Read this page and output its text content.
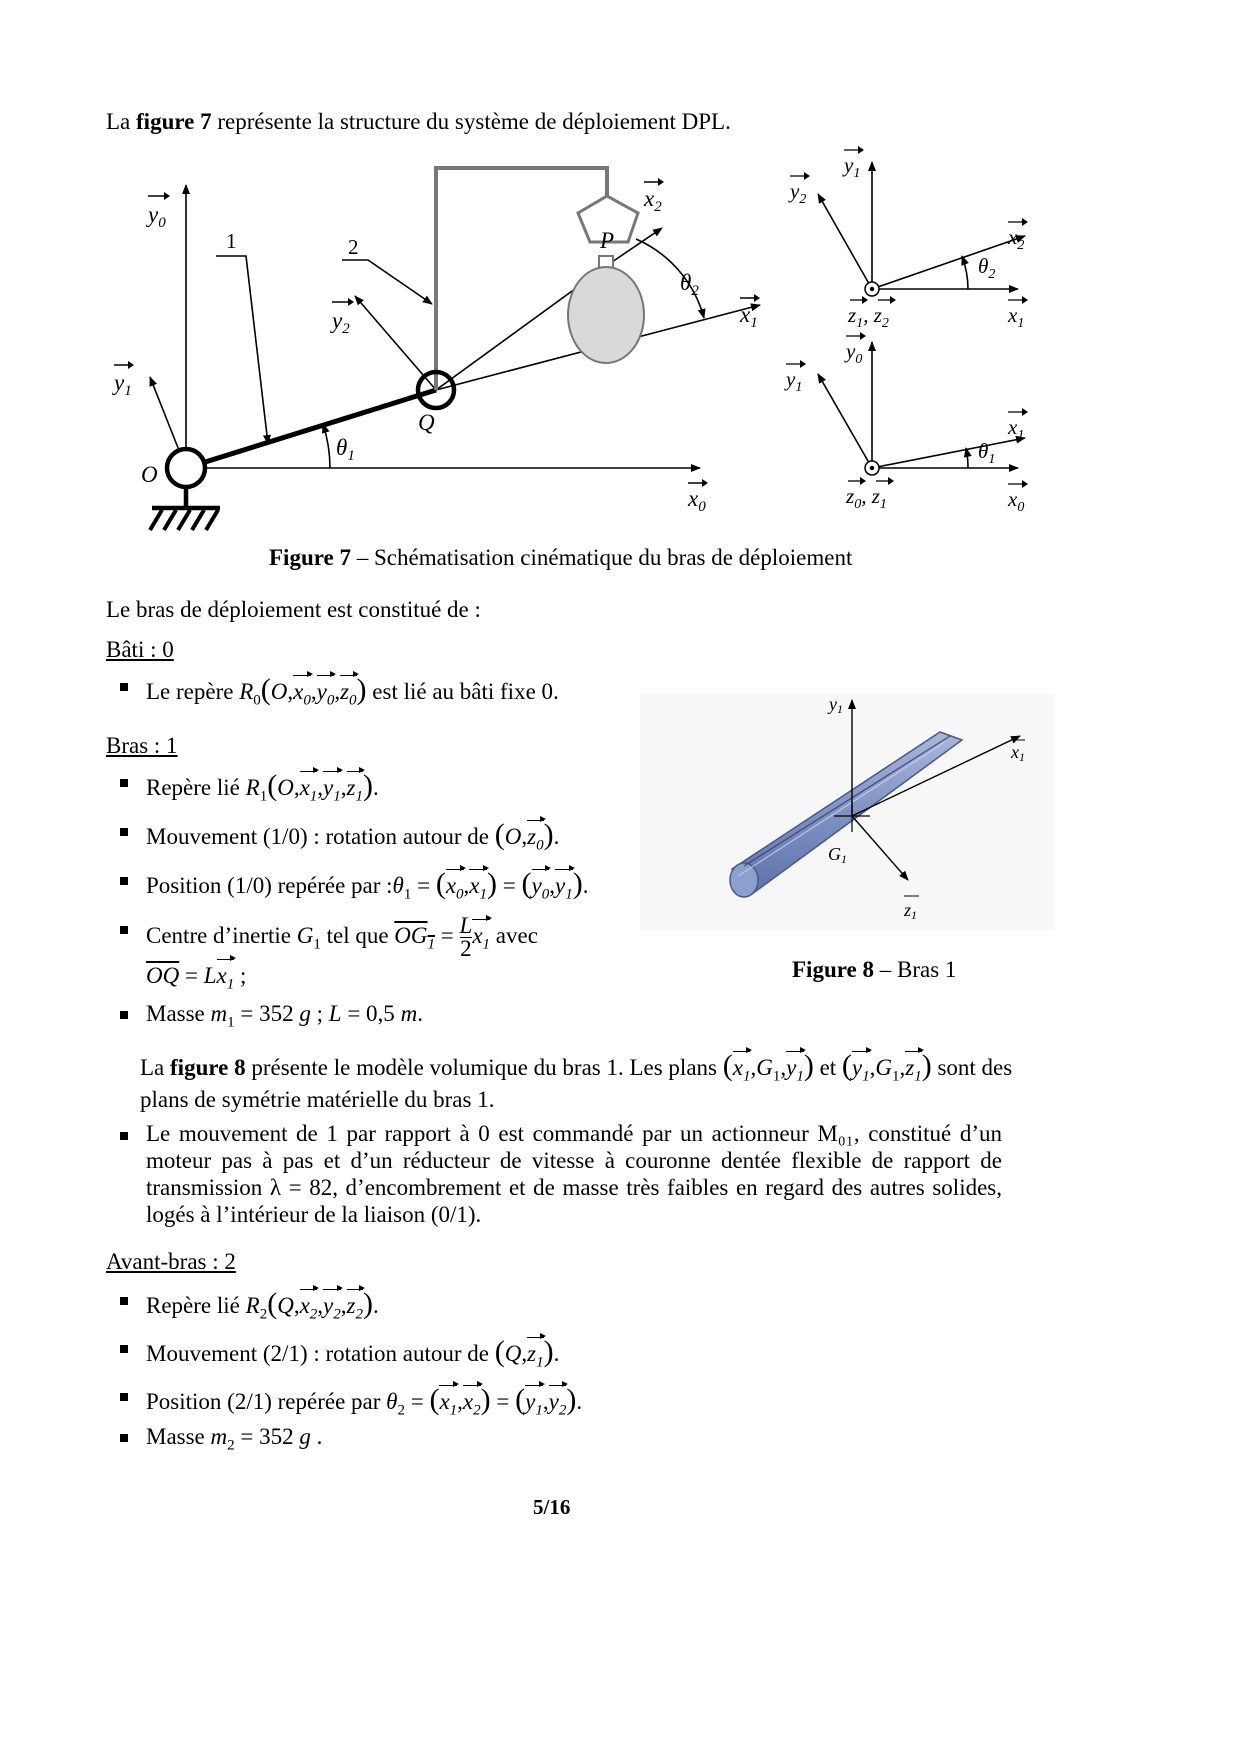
La figure 7 représente la structure du système de déploiement DPL.
$y_0$
$y_1$
$y_2$
$x_0$
$x_1$
$x_2$
O
Q
P
$\theta_1$
$\theta_2$
1	2
$y_1$
$y_2$
$x_2$
$x_1$
$\theta_2$
$z_1$, $z_2$
$y_0$
$y_1$
$x_1$
$x_0$
$\theta_1$
$z_0$, $z_1$
Figure 7 – Schématisation cinématique du bras de déploiement
Le bras de déploiement est constitué de :
Bâti : 0
Le repère $R_0(O,x_0,y_0,z_0)$ est lié au bâti fixe 0.
Bras : 1
Repère lié $R_1(O,x_1,y_1,z_1)$.
Mouvement (1/0) : rotation autour de $(O,z_0)$.
Position (1/0) repérée par $:\theta_1 = (x_0,x_1) = (y_0,y_1)$.
Centre d’inertie $G_1$ tel que $OG_1 = \frac{L}{2} x_1$ avec
$\overline{OQ} = Lx_1$ ;
Masse $m_1 = 352$ g ; L = 0,5 m.
y1
x1
z1
G1
Figure 8 – Bras 1
La figure 8 présente le modèle volumique du bras 1. Les plans $(x_1,G_1,y_1)$ et $(y_1,G_1,z_1)$ sont des
plans de symétrie matérielle du bras 1.
Le mouvement de 1 par rapport à 0 est commandé par un actionneur M₀₁, constitué d’un moteur pas à pas et d’un réducteur de vitesse à couronne dentée flexible de rapport de transmission λ = 82, d’encombrement et de masse très faibles en regard des autres solides, logés à l’intérieur de la liaison (0/1).
Avant-bras : 2
Repère lié $R_2(Q,x_2,y_2,z_2)$.
Mouvement (2/1) : rotation autour de $(Q,z_1)$.
Position (2/1) repérée par $\theta_2 = (x_1,x_2) = (y_1,y_2)$.
Masse $m_2 = 352$ g .
5/16
